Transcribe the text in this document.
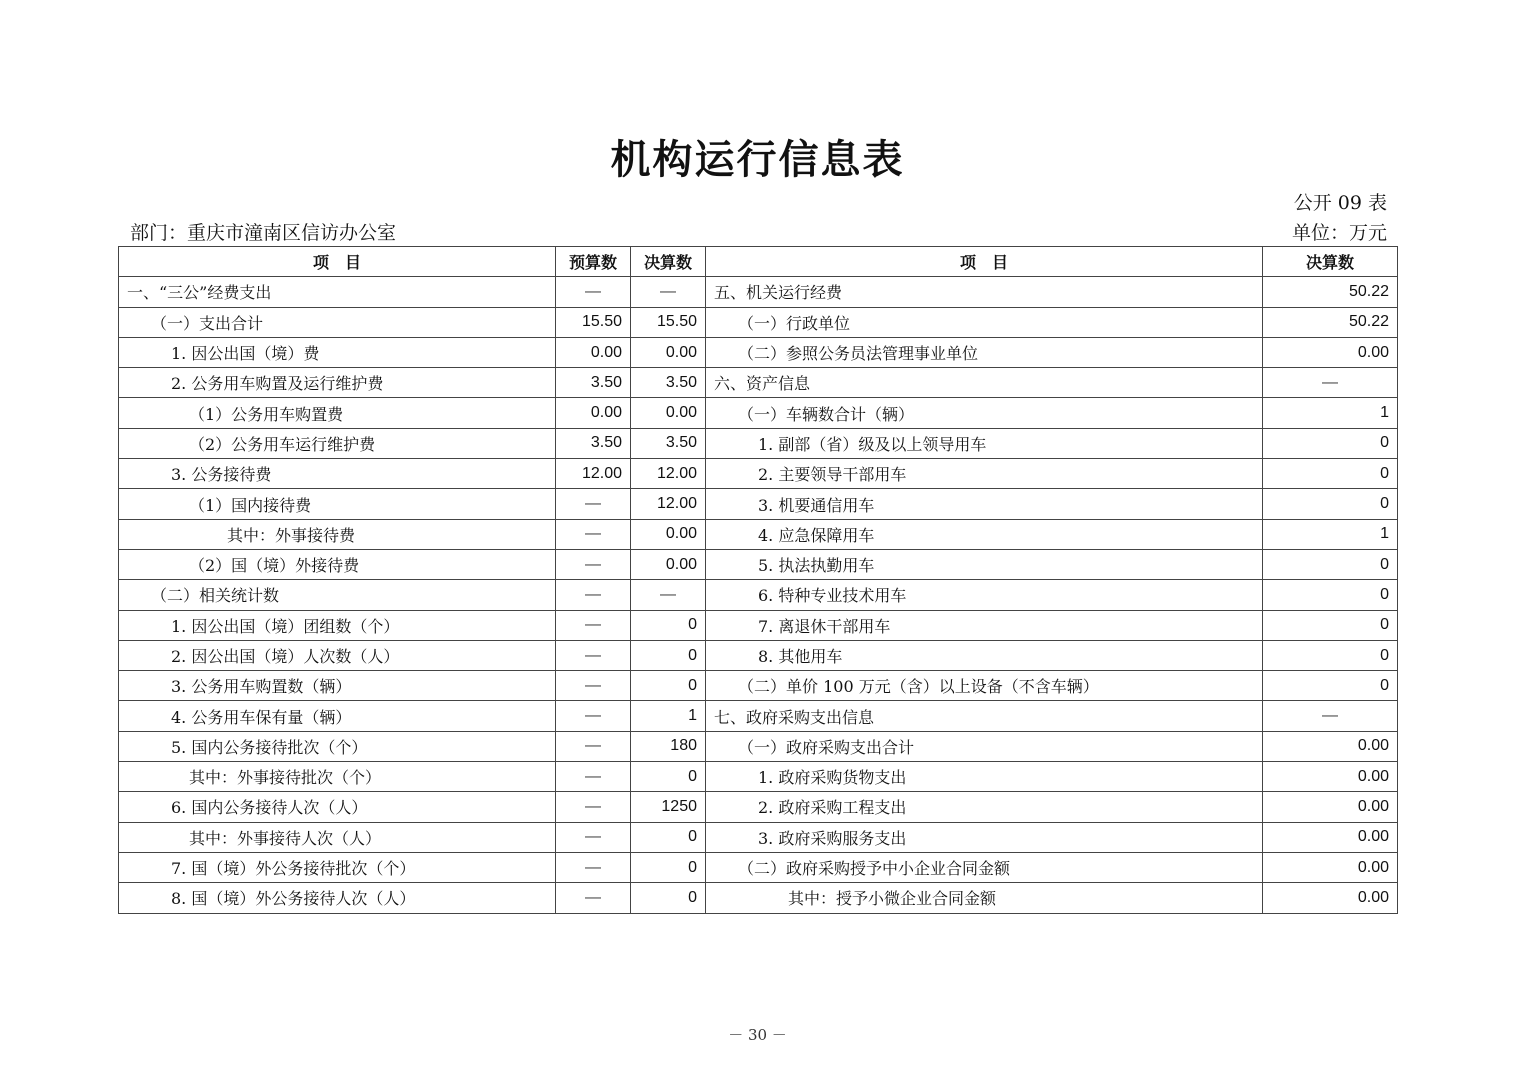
机构运行信息表
公开 09 表
部门：重庆市潼南区信访办公室	单位：万元
项　目	预算数	决算数	项　目	决算数
一、“三公”经费支出	—	—	五、机关运行经费	50.22
（一）支出合计	15.50	15.50	（一）行政单位	50.22
1. 因公出国（境）费	0.00	0.00	（二）参照公务员法管理事业单位	0.00
2. 公务用车购置及运行维护费	3.50	3.50	六、资产信息	—
（1）公务用车购置费	0.00	0.00	（一）车辆数合计（辆）	1
（2）公务用车运行维护费	3.50	3.50	1. 副部（省）级及以上领导用车	0
3. 公务接待费	12.00	12.00	2. 主要领导干部用车	0
（1）国内接待费	—	12.00	3. 机要通信用车	0
其中：外事接待费	—	0.00	4. 应急保障用车	1
（2）国（境）外接待费	—	0.00	5. 执法执勤用车	0
（二）相关统计数	—	—	6. 特种专业技术用车	0
1. 因公出国（境）团组数（个）	—	0	7. 离退休干部用车	0
2. 因公出国（境）人次数（人）	—	0	8. 其他用车	0
3. 公务用车购置数（辆）	—	0	（二）单价 100 万元（含）以上设备（不含车辆）	0
4. 公务用车保有量（辆）	—	1	七、政府采购支出信息	—
5. 国内公务接待批次（个）	—	180	（一）政府采购支出合计	0.00
其中：外事接待批次（个）	—	0	1. 政府采购货物支出	0.00
6. 国内公务接待人次（人）	—	1250	2. 政府采购工程支出	0.00
其中：外事接待人次（人）	—	0	3. 政府采购服务支出	0.00
7. 国（境）外公务接待批次（个）	—	0	（二）政府采购授予中小企业合同金额	0.00
8. 国（境）外公务接待人次（人）	—	0	其中：授予小微企业合同金额	0.00
－ 30 －
